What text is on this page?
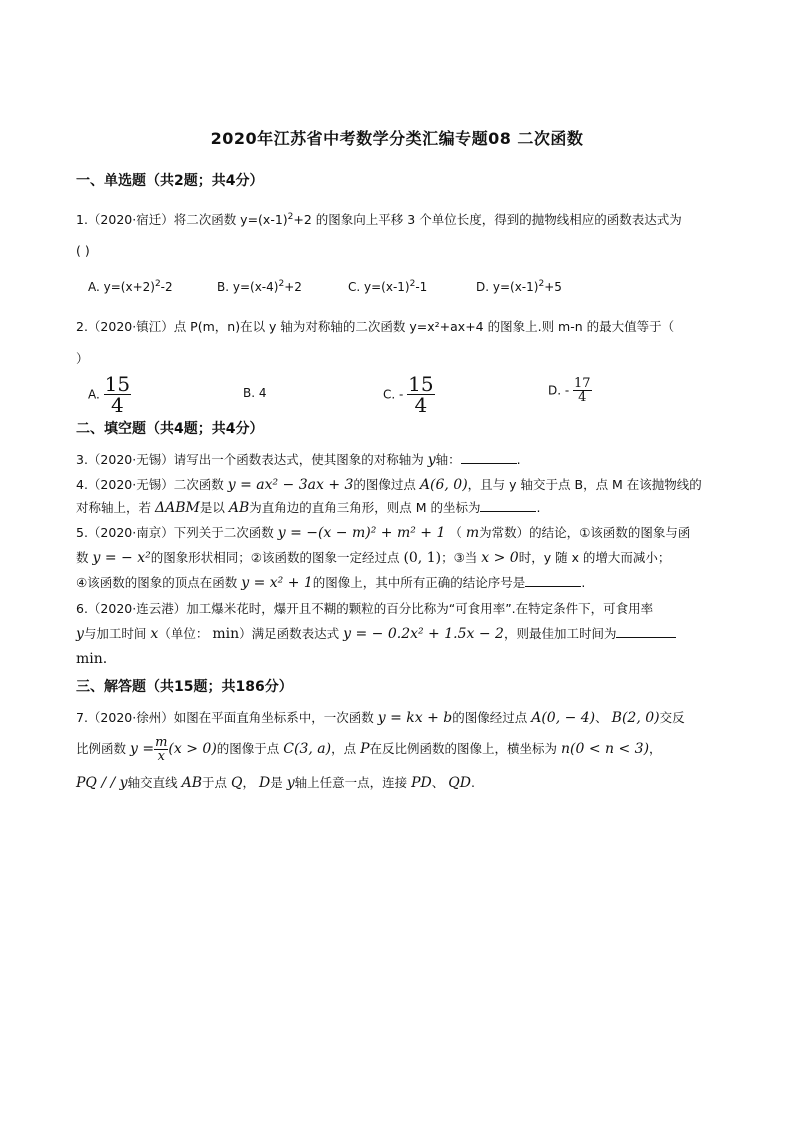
2020年江苏省中考数学分类汇编专题08 二次函数
一、单选题（共2题；共4分）
1.（2020·宿迁）将二次函数 $y=(x-1)^2+2$ 的图象向上平移 3 个单位长度，得到的抛物线相应的函数表达式为
( )
A. $y=(x+2)^2-2$	B. $y=(x-4)^2+2$	C. $y=(x-1)^2-1$	D. $y=(x-1)^2+5$
2.（2020·镇江）点 P(m，n)在以 y 轴为对称轴的二次函数 y=x²+ax+4 的图象上.则 m-n 的最大值等于（
）
A. $\frac{15}{4}$	B. 4	C. - $\frac{15}{4}$	D. - $\frac{17}{4}$
二、填空题（共4题；共4分）
3.（2020·无锡）请写出一个函数表达式，使其图象的对称轴为 y轴：	.
4.（2020·无锡）二次函数 y = ax² − 3ax + 3的图像过点 A(6, 0)，且与 y 轴交于点 B，点 M 在该抛物线的
对称轴上，若 ΔABM是以 AB为直角边的直角三角形，则点 M 的坐标为	.
5.（2020·南京）下列关于二次函数 y = −(x − m)² + m² + 1 （ m为常数）的结论，①该函数的图象与函
数 y = − x²的图象形状相同；②该函数的图象一定经过点 (0, 1)；③当 x > 0时，y 随 x 的增大而减小；
④该函数的图象的顶点在函数 y = x² + 1的图像上，其中所有正确的结论序号是	.
6.（2020·连云港）加工爆米花时，爆开且不糊的颗粒的百分比称为“可食用率”.在特定条件下，可食用率
y与加工时间 x（单位： min）满足函数表达式 y = − 0.2x² + 1.5x − 2，则最佳加工时间为
min.
三、解答题（共15题；共186分）
7.（2020·徐州）如图在平面直角坐标系中，一次函数 y = kx + b的图像经过点 A(0, − 4)、 B(2, 0)交反
比例函数 $y = \frac{m}{x} (x > 0)$的图像于点 C(3, a)，点 P在反比例函数的图像上，横坐标为 n(0 < n < 3)，
PQ / / y轴交直线 AB于点 Q， D是 y轴上任意一点，连接 PD、 QD.
